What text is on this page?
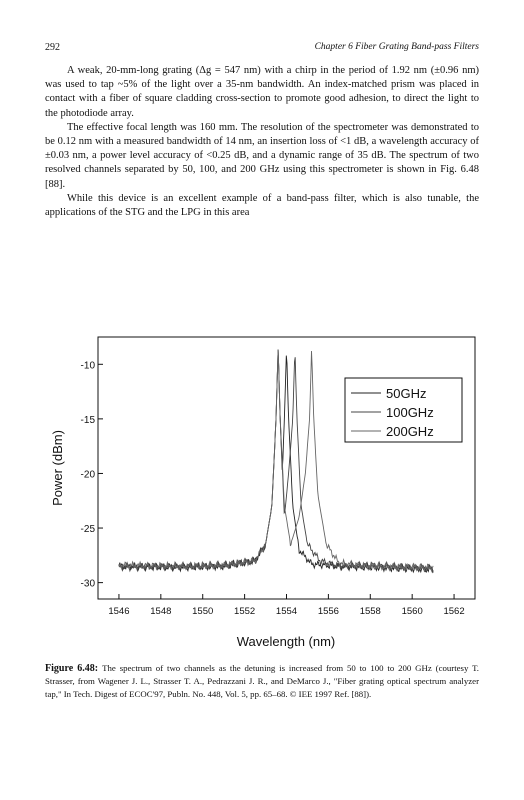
292	Chapter 6 Fiber Grating Band-pass Filters

A weak, 20-mm-long grating (Δg = 547 nm) with a chirp in the period of 1.92 nm (±0.96 nm) was used to tap ~5% of the light over a 35-nm bandwidth. An index-matched prism was placed in contact with a fiber of square cladding cross-section to promote good adhesion, to direct the light to the photodiode array.

The effective focal length was 160 mm. The resolution of the spectrometer was demonstrated to be 0.12 nm with a measured bandwidth of 14 nm, an insertion loss of <1 dB, a wavelength accuracy of ±0.03 nm, a power level accuracy of <0.25 dB, and a dynamic range of 35 dB. The spectrum of two resolved channels separated by 50, 100, and 200 GHz using this spectrometer is shown in Fig. 6.48 [88].

While this device is an excellent example of a band-pass filter, which is also tunable, the applications of the STG and the LPG in this area

1546 1548 1550 1552 1554 1556 1558 1560 1562
-10
-15
-20
-25
-30
Power (dBm)
Wavelength (nm)
50GHz
100GHz
200GHz
Figure 6.48: The spectrum of two channels as the detuning is increased from 50 to 100 to 200 GHz (courtesy T. Strasser, from Wagener J. L., Strasser T. A., Pedrazzani J. R., and DeMarco J., "Fiber grating optical spectrum analyzer tap," In Tech. Digest of ECOC'97, Publn. No. 448, Vol. 5, pp. 65–68. © IEE 1997 Ref. [88]).
